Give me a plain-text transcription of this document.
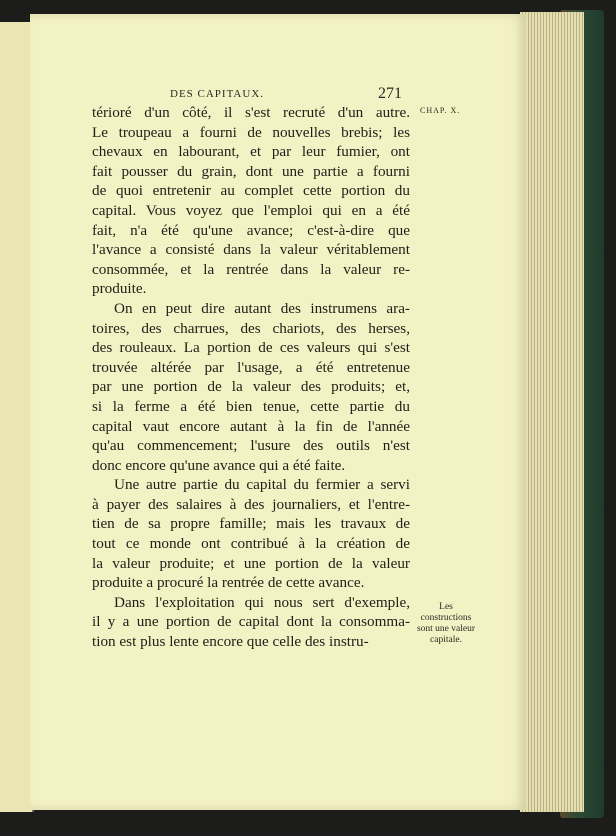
DES CAPITAUX.	271
CHAP. X.
térioré d'un côté, il s'est recruté d'un autre.
Le troupeau a fourni de nouvelles brebis; les
chevaux en labourant, et par leur fumier, ont
fait pousser du grain, dont une partie a fourni
de quoi entretenir au complet cette portion du
capital. Vous voyez que l'emploi qui en a été
fait, n'a été qu'une avance; c'est-à-dire que
l'avance a consisté dans la valeur véritablement
consommée, et la rentrée dans la valeur re-
produite.
On en peut dire autant des instrumens ara-
toires, des charrues, des chariots, des herses,
des rouleaux. La portion de ces valeurs qui s'est
trouvée altérée par l'usage, a été entretenue
par une portion de la valeur des produits; et,
si la ferme a été bien tenue, cette partie du
capital vaut encore autant à la fin de l'année
qu'au commencement; l'usure des outils n'est
donc encore qu'une avance qui a été faite.
Une autre partie du capital du fermier a servi
à payer des salaires à des journaliers, et l'entre-
tien de sa propre famille; mais les travaux de
tout ce monde ont contribué à la création de
la valeur produite; et une portion de la valeur
produite a procuré la rentrée de cette avance.
Dans l'exploitation qui nous sert d'exemple,
il y a une portion de capital dont la consomma-
tion est plus lente encore que celle des instru-
Les
constructions
sont une valeur
capitale.
